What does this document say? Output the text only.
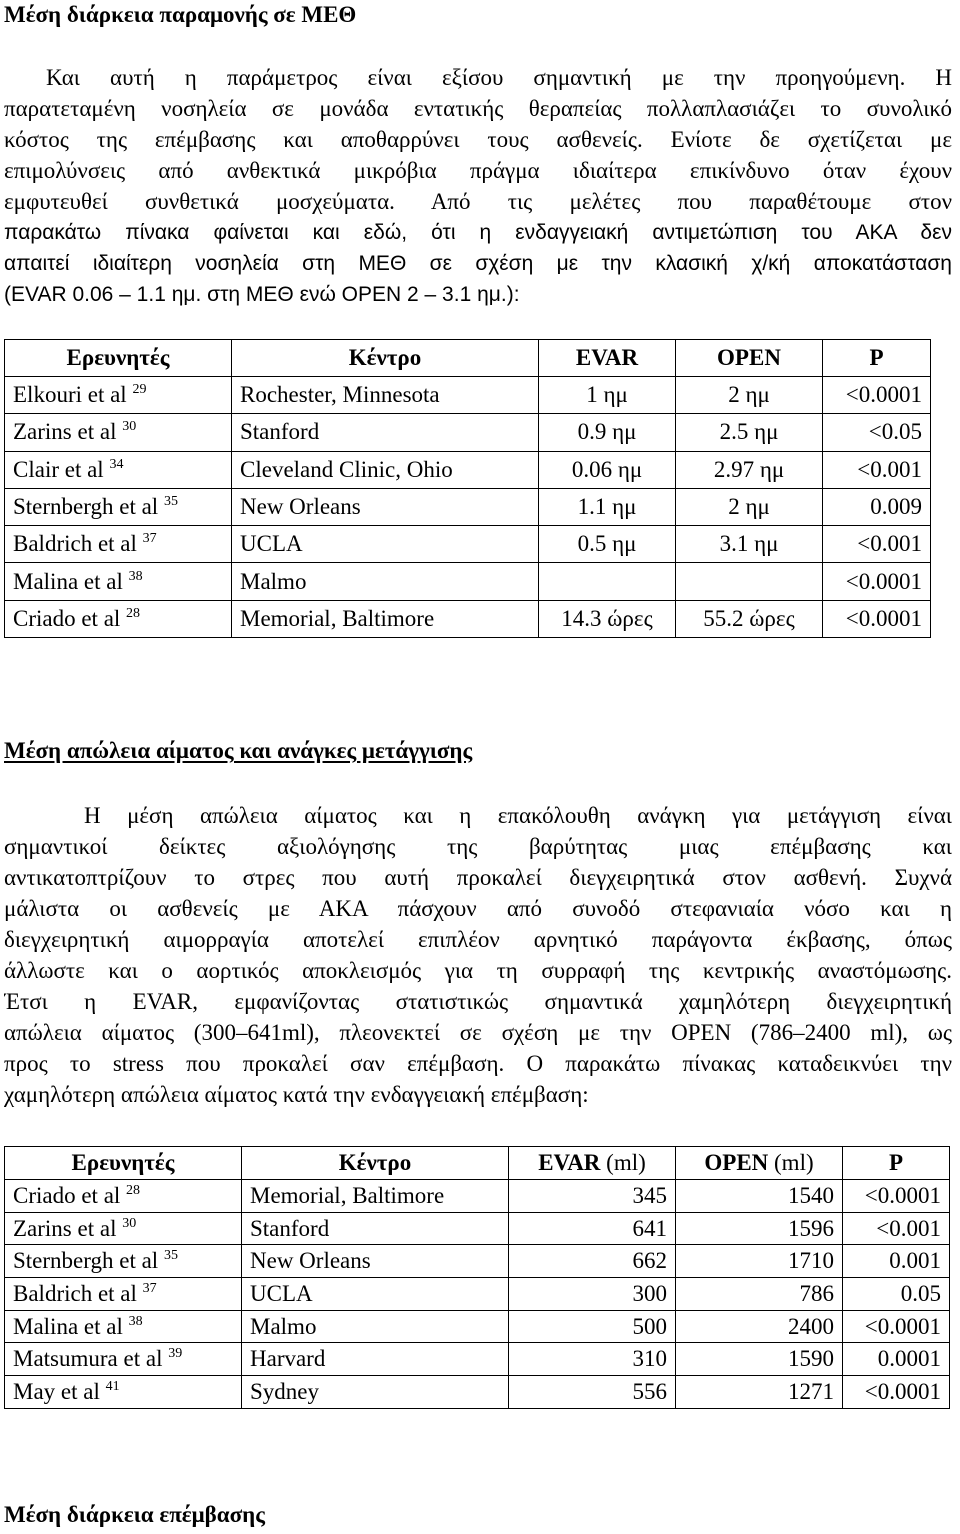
Μέση διάρκεια παραμονής σε ΜΕΘ
Και αυτή η παράμετρος είναι εξίσου σημαντική με την προηγούμενη. Η
παρατεταμένη νοσηλεία σε μονάδα εντατικής θεραπείας πολλαπλασιάζει το συνολικό
κόστος της επέμβασης και αποθαρρύνει τους ασθενείς. Ενίοτε δε σχετίζεται με
επιμολύνσεις από ανθεκτικά μικρόβια πράγμα ιδιαίτερα επικίνδυνο όταν έχουν
εμφυτευθεί συνθετικά μοσχεύματα. Από τις μελέτες που παραθέτουμε στον
παρακάτω πίνακα φαίνεται και εδώ, ότι η ενδαγγειακή αντιμετώπιση του ΑΚΑ δεν
απαιτεί ιδιαίτερη νοσηλεία στη ΜΕΘ σε σχέση με την κλασική χ/κή αποκατάσταση
(EVAR 0.06 – 1.1 ημ. στη ΜΕΘ ενώ OPEN 2 – 3.1 ημ.):
Ερευνητές	Κέντρο	EVAR	OPEN	P
Elkouri et al $^{29}$	Rochester, Minnesota	1 ημ	2 ημ	<0.0001
Zarins et al $^{30}$	Stanford	0.9 ημ	2.5 ημ	<0.05
Clair et al $^{34}$	Cleveland Clinic, Ohio	0.06 ημ	2.97 ημ	<0.001
Sternbergh et al $^{35}$	New Orleans	1.1 ημ	2 ημ	0.009
Baldrich et al $^{37}$	UCLA	0.5 ημ	3.1 ημ	<0.001
Malina et al $^{38}$	Malmo			<0.0001
Criado et al $^{28}$	Memorial, Baltimore	14.3 ώρες	55.2 ώρες	<0.0001
Μέση απώλεια αίματος και ανάγκες μετάγγισης
Η μέση απώλεια αίματος και η επακόλουθη ανάγκη για μετάγγιση είναι
σημαντικοί δείκτες αξιολόγησης της βαρύτητας μιας επέμβασης και
αντικατοπτρίζουν το στρες που αυτή προκαλεί διεγχειρητικά στον ασθενή. Συχνά
μάλιστα οι ασθενείς με ΑΚΑ πάσχουν από συνοδό στεφανιαία νόσο και η
διεγχειρητική αιμορραγία αποτελεί επιπλέον αρνητικό παράγοντα έκβασης, όπως
άλλωστε και ο αορτικός αποκλεισμός για τη συρραφή της κεντρικής αναστόμωσης.
Έτσι η EVAR, εμφανίζοντας στατιστικώς σημαντικά χαμηλότερη διεγχειρητική
απώλεια αίματος (300–641ml), πλεονεκτεί σε σχέση με την OPEN (786–2400 ml), ως
προς το stress που προκαλεί σαν επέμβαση. Ο παρακάτω πίνακας καταδεικνύει την
χαμηλότερη απώλεια αίματος κατά την ενδαγγειακή επέμβαση:
Ερευνητές	Κέντρο	EVAR (ml)	OPEN (ml)	P
Criado et al $^{28}$	Memorial, Baltimore	345	1540	<0.0001
Zarins et al $^{30}$	Stanford	641	1596	<0.001
Sternbergh et al $^{35}$	New Orleans	662	1710	0.001
Baldrich et al $^{37}$	UCLA	300	786	0.05
Malina et al $^{38}$	Malmo	500	2400	<0.0001
Matsumura et al $^{39}$	Harvard	310	1590	0.0001
May et al $^{41}$	Sydney	556	1271	<0.0001
Μέση διάρκεια επέμβασης
